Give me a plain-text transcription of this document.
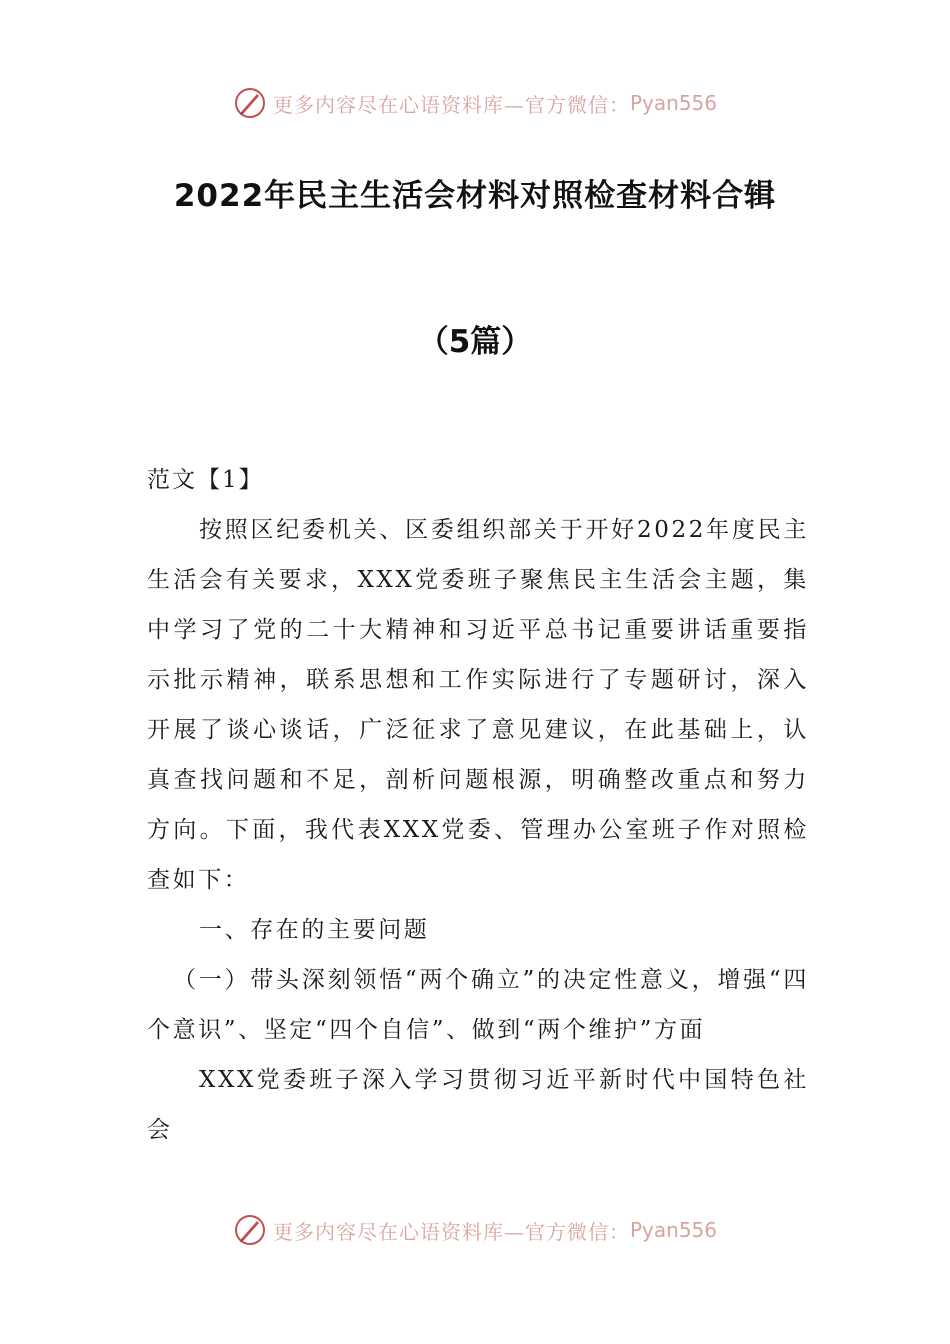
更多内容尽在心语资料库—官方微信： Pyan556
2022年民主生活会材料对照检查材料合辑
（5篇）

范文【1】

按照区纪委机关、区委组织部关于开好2022年度民主生活会有关要求，XXX党委班子聚焦民主生活会主题，集中学习了党的二十大精神和习近平总书记重要讲话重要指示批示精神，联系思想和工作实际进行了专题研讨，深入开展了谈心谈话，广泛征求了意见建议，在此基础上，认真查找问题和不足，剖析问题根源，明确整改重点和努力方向。下面，我代表XXX党委、管理办公室班子作对照检查如下：

一、存在的主要问题

（一）带头深刻领悟“两个确立”的决定性意义，增强“四个意识”、坚定“四个自信”、做到“两个维护”方面

XXX党委班子深入学习贯彻习近平新时代中国特色社会

更多内容尽在心语资料库—官方微信： Pyan556
